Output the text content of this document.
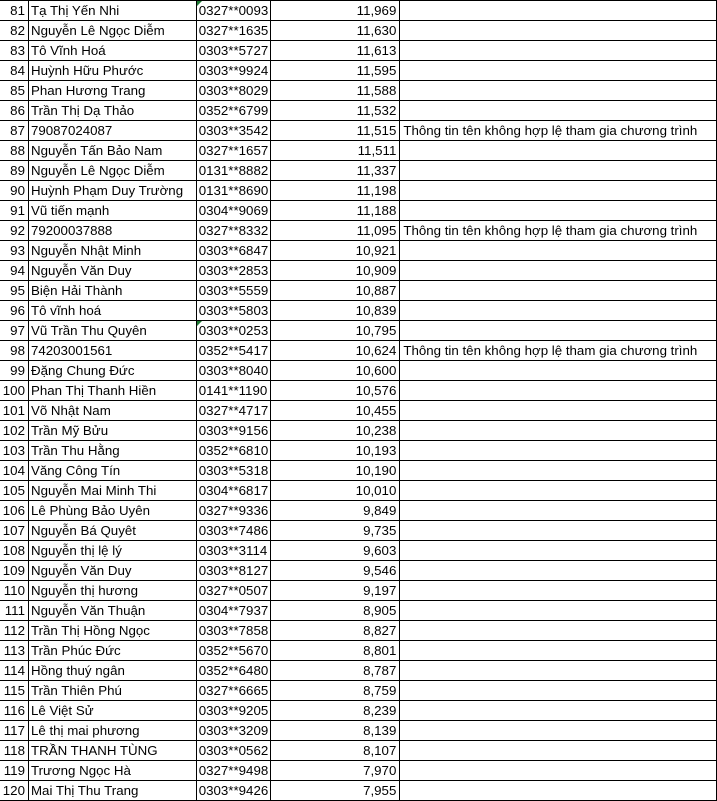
81	Tạ Thị Yến Nhi	0327**0093	11,969	
82	Nguyễn Lê Ngọc Diễm	0327**1635	11,630	
83	Tô Vĩnh Hoá	0303**5727	11,613	
84	Huỳnh Hữu Phước	0303**9924	11,595	
85	Phan Hương Trang	0303**8029	11,588	
86	Trần Thị Dạ Thảo	0352**6799	11,532	
87	79087024087	0303**3542	11,515	Thông tin tên không hợp lệ tham gia chương trình
88	Nguyễn Tấn Bảo Nam	0327**1657	11,511	
89	Nguyễn Lê Ngọc Diễm	0131**8882	11,337	
90	Huỳnh Phạm Duy Trường	0131**8690	11,198	
91	Vũ tiến mạnh	0304**9069	11,188	
92	79200037888	0327**8332	11,095	Thông tin tên không hợp lệ tham gia chương trình
93	Nguyễn Nhật Minh	0303**6847	10,921	
94	Nguyễn Văn Duy	0303**2853	10,909	
95	Biện Hải Thành	0303**5559	10,887	
96	Tô vĩnh hoá	0303**5803	10,839	
97	Vũ Trần Thu Quyên	0303**0253	10,795	
98	74203001561	0352**5417	10,624	Thông tin tên không hợp lệ tham gia chương trình
99	Đặng Chung Đức	0303**8040	10,600	
100	Phan Thị Thanh Hiền	0141**1190	10,576	
101	Võ Nhật Nam	0327**4717	10,455	
102	Trần Mỹ Bửu	0303**9156	10,238	
103	Trần Thu Hằng	0352**6810	10,193	
104	Văng Công Tín	0303**5318	10,190	
105	Nguyễn Mai Minh Thi	0304**6817	10,010	
106	Lê Phùng Bảo Uyên	0327**9336	9,849	
107	Nguyễn Bá Quyêt	0303**7486	9,735	
108	Nguyễn thị lệ lý	0303**3114	9,603	
109	Nguyễn Văn Duy	0303**8127	9,546	
110	Nguyễn thị hương	0327**0507	9,197	
111	Nguyễn Văn Thuận	0304**7937	8,905	
112	Trần Thị Hồng Ngọc	0303**7858	8,827	
113	Trần Phúc Đức	0352**5670	8,801	
114	Hồng thuý ngân	0352**6480	8,787	
115	Trần Thiên Phú	0327**6665	8,759	
116	Lê Việt Sử	0303**9205	8,239	
117	Lê thị mai phương	0303**3209	8,139	
118	TRẦN THANH TÙNG	0303**0562	8,107	
119	Trương Ngọc Hà	0327**9498	7,970	
120	Mai Thị Thu Trang	0303**9426	7,955	
